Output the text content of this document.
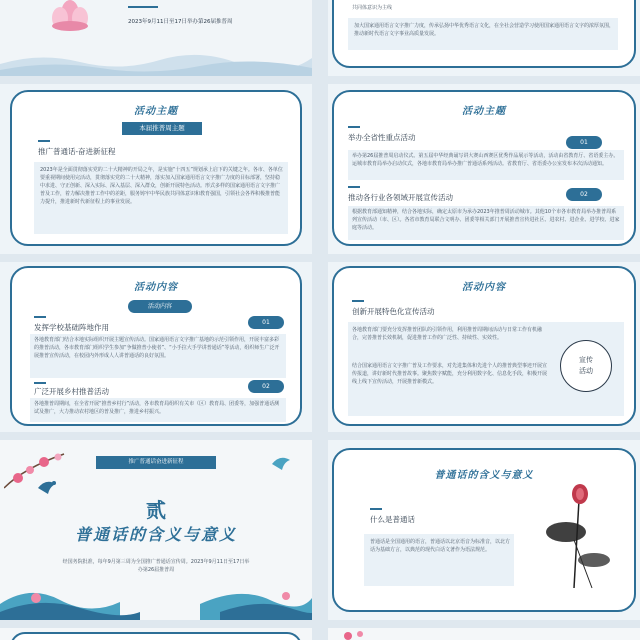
2023年9月11日至17日举办第26届推普周
共同体意识为主线
加大国家通用语言文字推广力度，传承弘扬中华优秀语言文化，在全社会营造学习使用国家通用语言文字的浓厚氛围，推动新时代语言文字事业高质量发展。
活动主题
本届推普周主题
推广普通话-奋进新征程
2023年是全面贯彻落实党的二十大精神的开局之年，是实施“十四五”规划承上启下的关键之年。各市、各单位要重视期间使用完活动，贯彻落实党的二十大精神，落实加入国家通用语言文字推广力度的目标部署，坚持稳中求进、守正创新、深入实际、深入基层、深入群众，创新开展特色活动。形式多样的国家通用语言文字推广普及工作，着力解决推普工作中的差距，服务铸牢中华民族共同体意识和教育强国，引领社会各界积极推普能力提升，推进新时代新征程上的事业发展。
活动主题
举办全省性重点活动
01
举办第26届推普周启动仪式。第五届中华经典诵写讲大赛山西赛区优秀作品展示等活动，活动由省教育厅、省语委主办。运城市教育局举办启动仪式，各地市教育局举办推广普通话系列活动。省教育厅、省语委办公室发布本次活动通知。
推动各行业各领域开展宣传活动	02
根据教育部通知精神，结合各地实际，确定太原市为承办2023年推普周活动城市。其他10个市各市教育局举办推普周系列宣传活动（市、区）。各省市教育局联合文明办、团委等相关部门开展推普宣传进社区、进农村、进企业、进学校、进家庭等活动。
活动内容
活动内容
发挥学校基础阵地作用
01
各地教育部门结合本地实际组织开展主题宣传活动。国家通用语言文字推广基地的示范引领作用，开展丰富多彩的推普活动，各市教育部门组织学生参加“争做推普小使者”、“小手拉大手学讲普通话”等活动，组织师生广泛开展推普宣传活动，在校园内外形成人人讲普通话的良好氛围。
广泛开展乡村推普活动
02
各地推普周期间，在全省开展“推普乡村行”活动，各市教育局组织有关市（区）教育局、团委等，加强普通话测试及推广，大力推动农村地区的普及推广，推进乡村振兴。
活动内容
创新开展特色化宣传活动
各地教育部门要充分发挥推普团队的引领作用，利用推普周期间活动与日常工作有机融合，完善推普长效机制，促进推普工作的广泛性、持续性、实效性。
结合国家通用语言文字推广普及工作要求，对先进集体和先进个人的推普典型事迹开展宣传报道，讲好新时代推普故事。聚焦数字赋能，充分利用数字化、信息化手段，积极开展线上线下宣传活动，开展推普新模式。
宣传
活动
推广普通话奋进新征程
贰
普通话的含义与意义
经国务院批准，每年9月第三周为全国推广普通话宣传周。2023年9月11日至17日举
办第26届推普周
普通话的含义与意义
什么是普通话
普通话是全国通用的语言，普通话以北京语音为标准音，以北方话为基础方言，以典范的现代白话文著作为语法规范。
